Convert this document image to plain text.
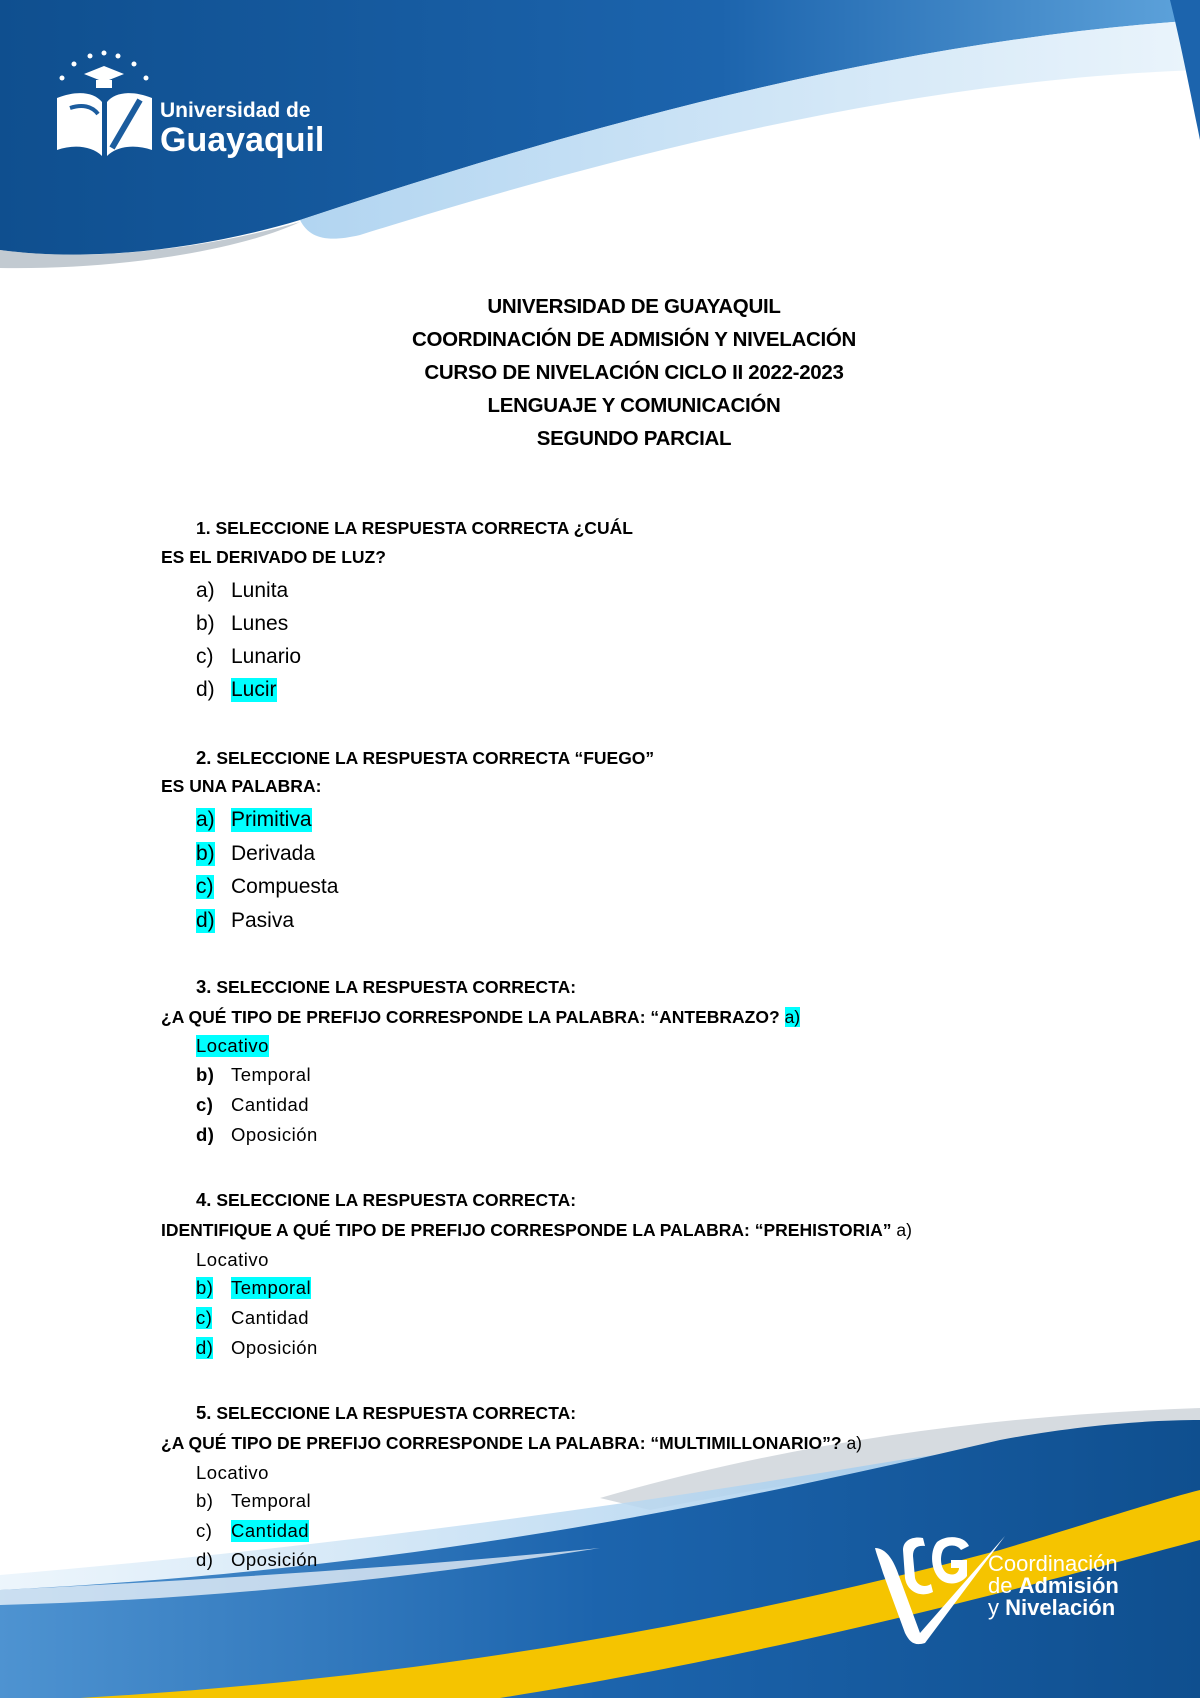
Universidad de
Guayaquil
UNIVERSIDAD DE GUAYAQUIL
COORDINACIÓN DE ADMISIÓN Y NIVELACIÓN
CURSO DE NIVELACIÓN CICLO II 2022-2023
LENGUAJE Y COMUNICACIÓN
SEGUNDO PARCIAL
1. SELECCIONE LA RESPUESTA CORRECTA ¿CUÁL
ES EL DERIVADO DE LUZ?
a) Lunita
b) Lunes
c) Lunario
d) Lucir
2. SELECCIONE LA RESPUESTA CORRECTA “FUEGO”
ES UNA PALABRA:
a) Primitiva
b) Derivada
c) Compuesta
d) Pasiva
3. SELECCIONE LA RESPUESTA CORRECTA:
¿A QUÉ TIPO DE PREFIJO CORRESPONDE LA PALABRA: “ANTEBRAZO? a)
Locativo
b) Temporal
c) Cantidad
d) Oposición
4. SELECCIONE LA RESPUESTA CORRECTA:
IDENTIFIQUE A QUÉ TIPO DE PREFIJO CORRESPONDE LA PALABRA: “PREHISTORIA” a)
Locativo
b) Temporal
c) Cantidad
d) Oposición
5. SELECCIONE LA RESPUESTA CORRECTA:
¿A QUÉ TIPO DE PREFIJO CORRESPONDE LA PALABRA: “MULTIMILLONARIO”? a)
Locativo
b) Temporal
c) Cantidad
d) Oposición	Coordinación
de Admisión
y Nivelación
